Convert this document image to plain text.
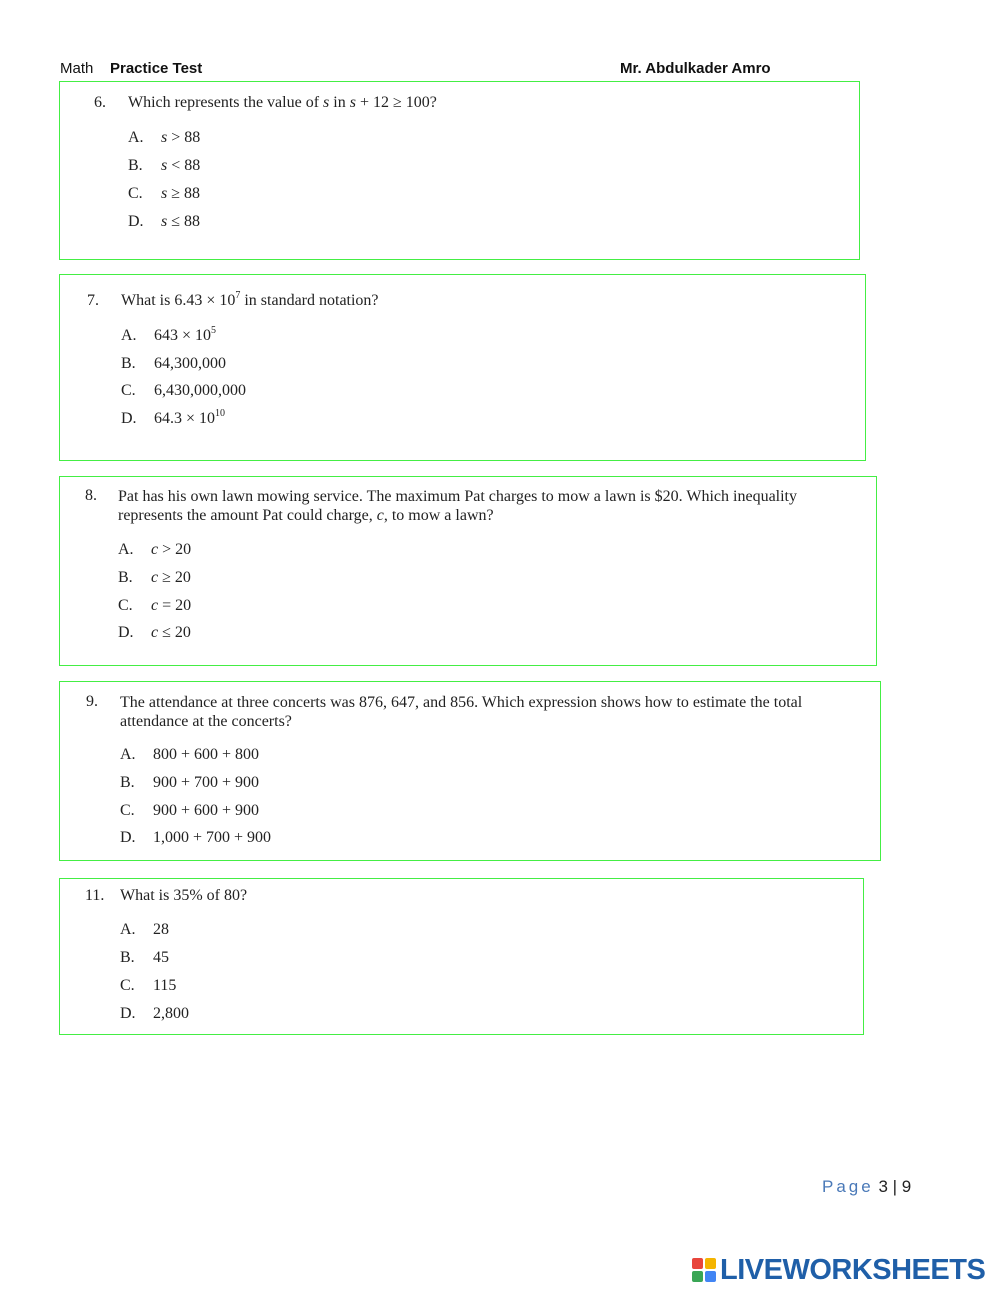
Math Practice Test	Mr. Abdulkader Amro
6. Which represents the value of s in s + 12 ≥ 100?
A. s > 88
B. s < 88
C. s ≥ 88
D. s ≤ 88
7. What is $6.43 \times 10^7$ in standard notation?
A. $643 \times 10^5$
B. 64,300,000
C. 6,430,000,000
D. $64.3 \times 10^{10}$
8. Pat has his own lawn mowing service. The maximum Pat charges to mow a lawn is $20. Which inequality represents the amount Pat could charge, c, to mow a lawn?
A. c > 20
B. c ≥ 20
C. c = 20
D. c ≤ 20
9. The attendance at three concerts was 876, 647, and 856. Which expression shows how to estimate the total attendance at the concerts?
A. 800 + 600 + 800
B. 900 + 700 + 900
C. 900 + 600 + 900
D. 1,000 + 700 + 900
11. What is 35% of 80?
A. 28
B. 45
C. 115
D. 2,800
Page 3 | 9
LIVEWORKSHEETS
